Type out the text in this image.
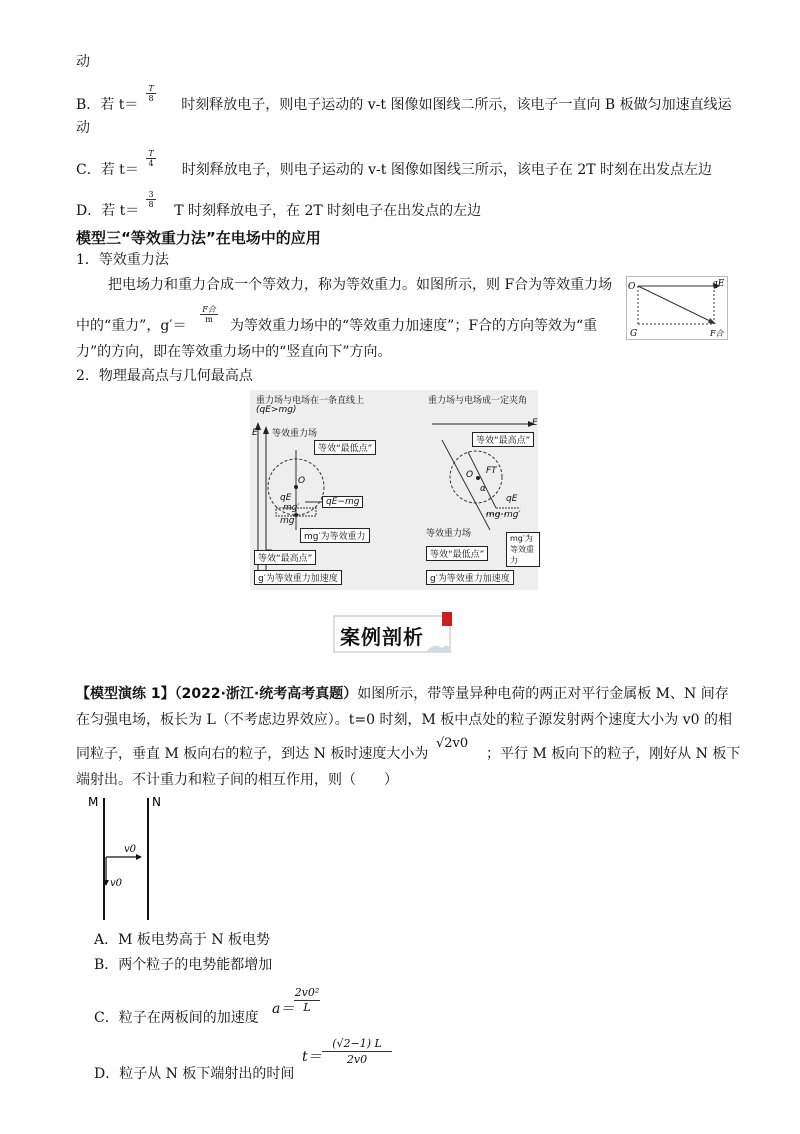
动
B．若 t＝	时刻释放电子，则电子运动的 v-t 图像如图线二所示，该电子一直向 B 板做匀加速直线运
$\frac{T}{8}$
动
C．若 t＝	时刻释放电子，则电子运动的 v-t 图像如图线三所示，该电子在 2T 时刻在出发点左边
$\frac{T}{4}$
D．若 t＝ T 时刻释放电子，在 2T 时刻电子在出发点的左边
$\frac{3}{8}$
模型三“等效重力法”在电场中的应用
1．等效重力法
把电场力和重力合成一个等效力，称为等效重力。如图所示，则 F合为等效重力场
中的“重力”，g′＝
F合
m	为等效重力场中的“等效重力加速度”；F合的方向等效为“重
力”的方向，即在等效重力场中的“竖直向下”方向。
O	qE
G	F合
2．物理最高点与几何最高点
重力场与电场在一条直线上
(qE>mg)
E 等效重力场
等效“最低点”
O
qE
mg′
qE−mg
mg
mg′为等效重力
等效“最高点”
g′为等效重力加速度
重力场与电场成一定夹角
E
等效“最高点”
O FT
α
qE
mg mg′
等效重力场
等效“最低点”
mg′为等效重力
g′为等效重力加速度
案例剖析
【模型演练 1】（2022·浙江·统考高考真题）如图所示，带等量异种电荷的两正对平行金属板 M、N 间存
在匀强电场，板长为 L（不考虑边界效应）。t=0 时刻，M 板中点处的粒子源发射两个速度大小为 v0 的相
同粒子，垂直 M 板向右的粒子，到达 N 板时速度大小为
√2v0
；平行 M 板向下的粒子，刚好从 N 板下
端射出。不计重力和粒子间的相互作用，则（　　）
M	N
v0
v0
A．M 板电势高于 N 板电势
B．两个粒子的电势能都增加
C．粒子在两板间的加速度
a＝
2v0²
L
D．粒子从 N 板下端射出的时间
t＝
(√2−1) L
2v0
